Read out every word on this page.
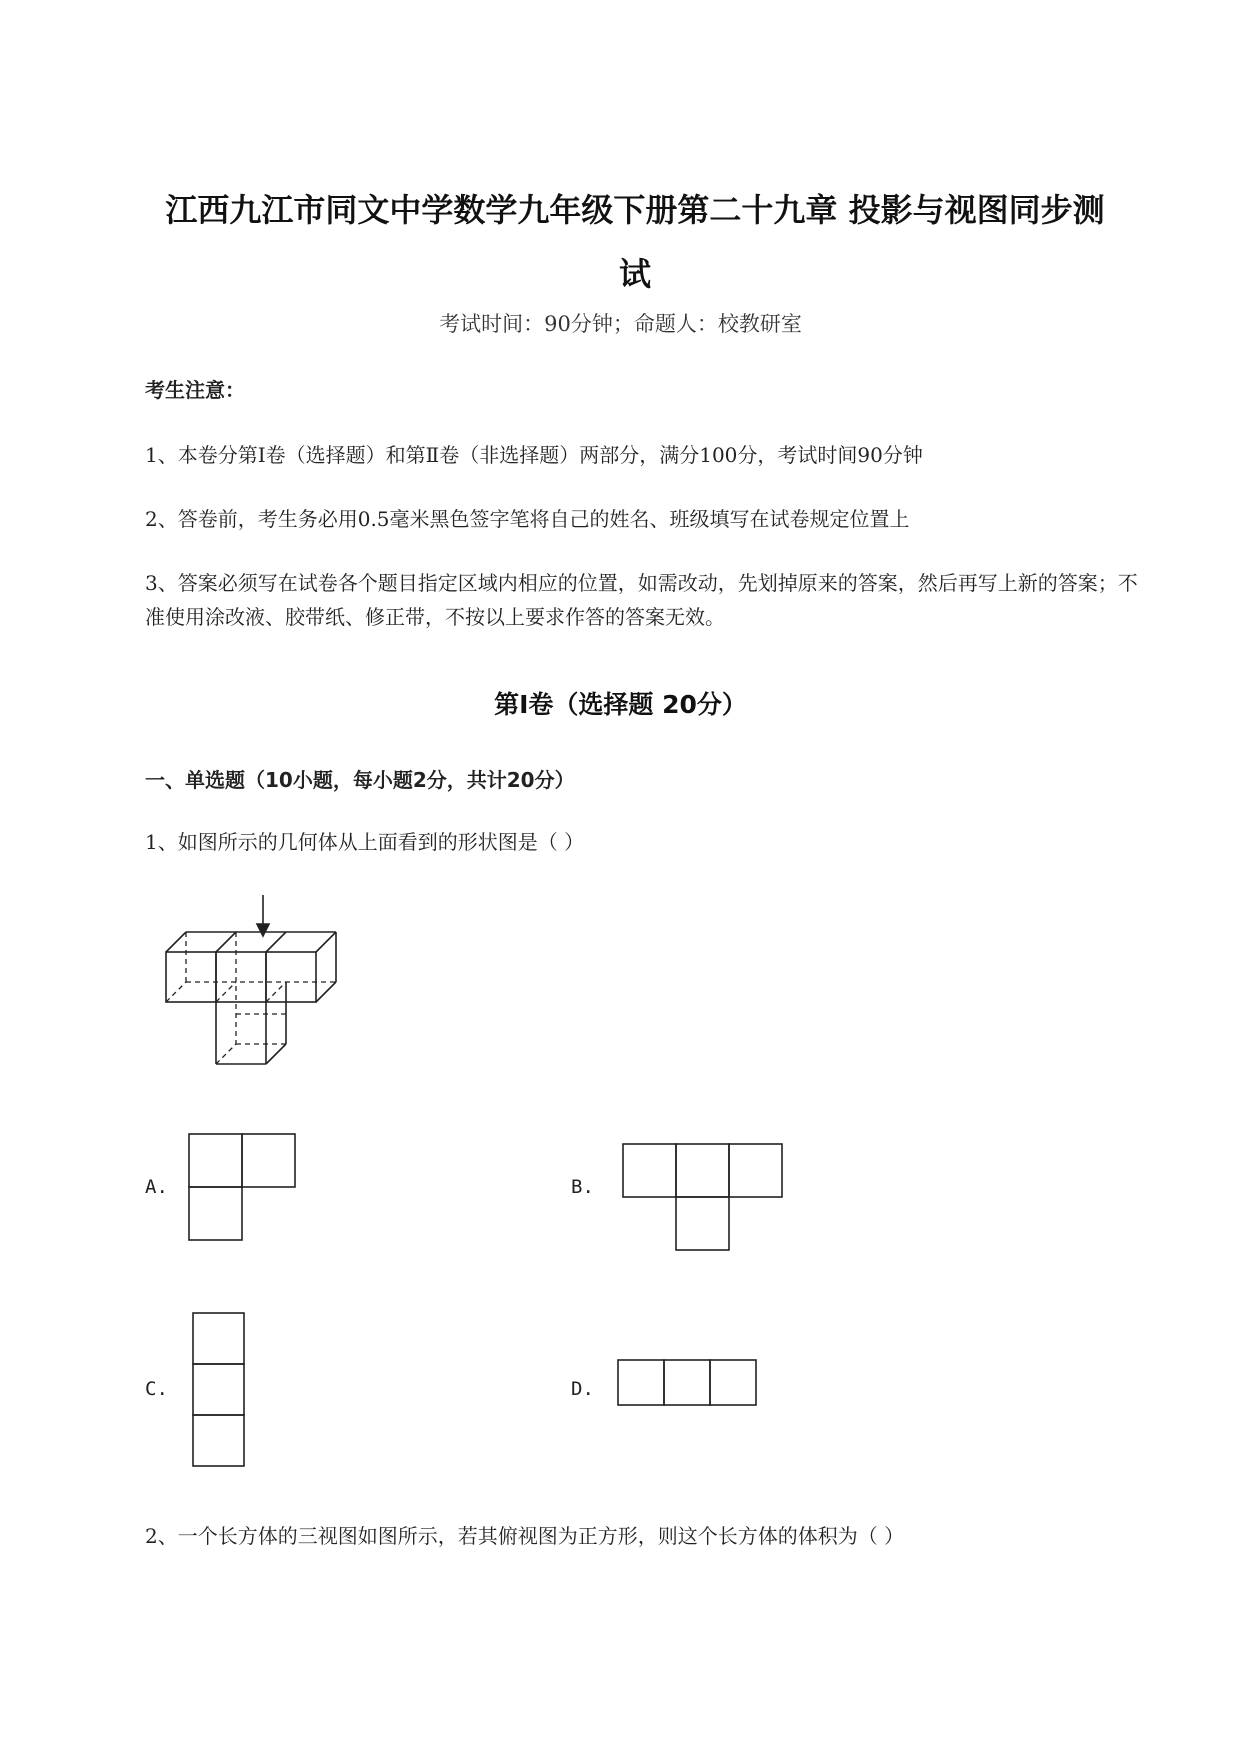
江西九江市同文中学数学九年级下册第二十九章 投影与视图同步测
试
考试时间：90分钟；命题人：校教研室
考生注意：
1、本卷分第Ⅰ卷（选择题）和第Ⅱ卷（非选择题）两部分，满分100分，考试时间90分钟
2、答卷前，考生务必用0.5毫米黑色签字笔将自己的姓名、班级填写在试卷规定位置上
3、答案必须写在试卷各个题目指定区域内相应的位置，如需改动，先划掉原来的答案，然后再写上新的答案；不准使用涂改液、胶带纸、修正带，不按以上要求作答的答案无效。
第Ⅰ卷（选择题 20分）
一、单选题（10小题，每小题2分，共计20分）
1、如图所示的几何体从上面看到的形状图是（ ）
A.	B.
C.	D.
2、一个长方体的三视图如图所示，若其俯视图为正方形，则这个长方体的体积为（ ）
